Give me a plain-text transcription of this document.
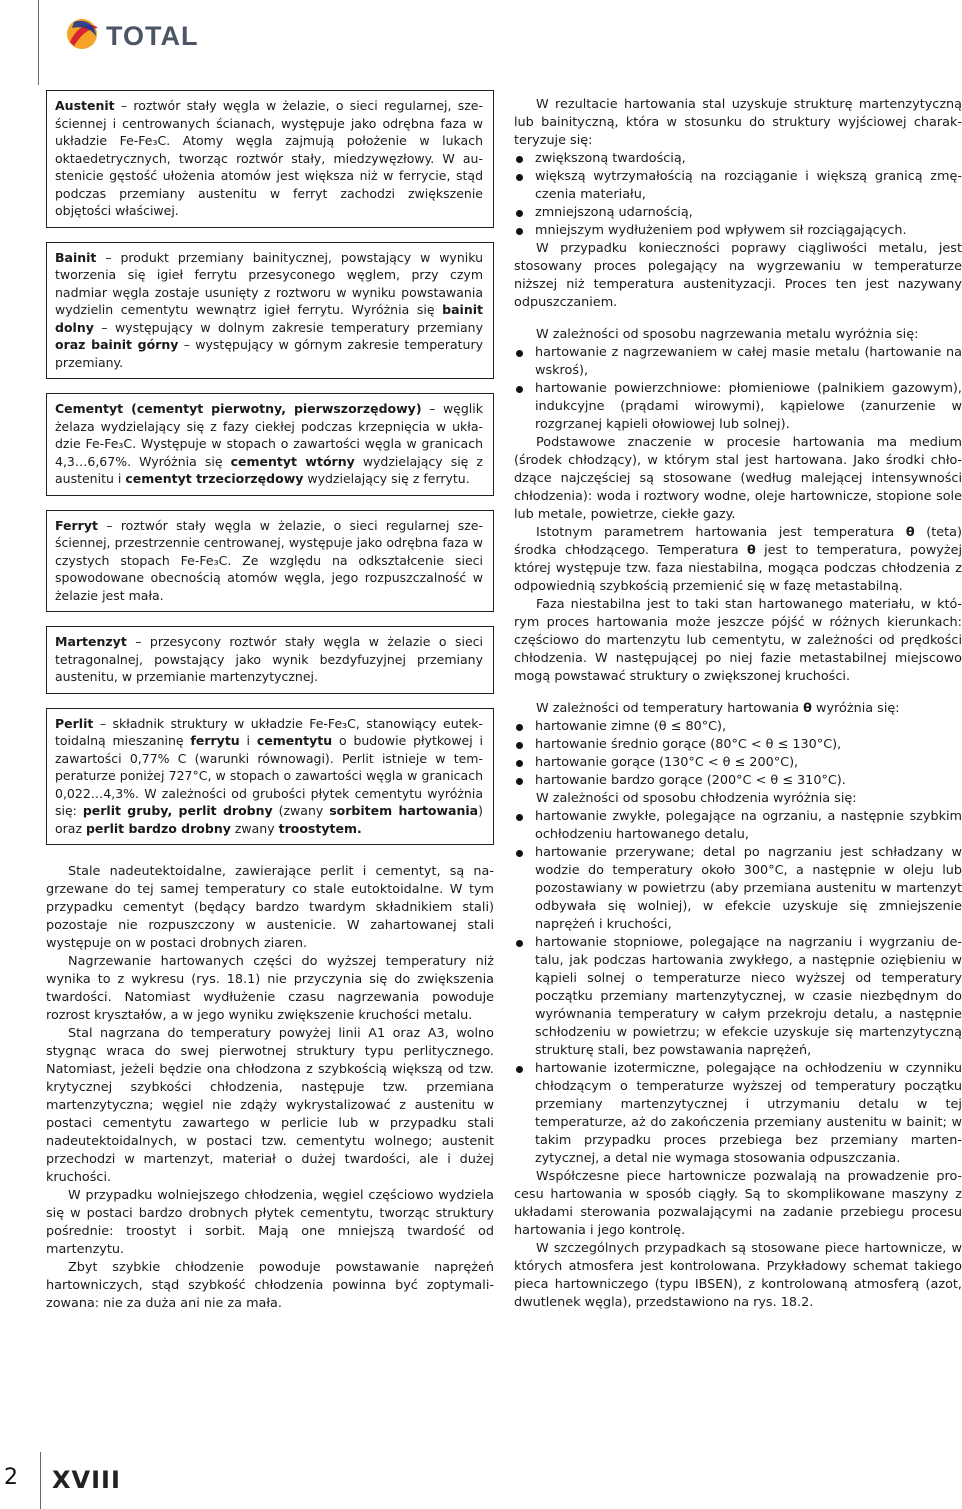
TOTAL
Austenit – roztwór stały węgla w żelazie, o sieci regularnej, sześciennej i centrowanych ścianach, występuje jako odrębna faza w układzie Fe-Fe₃C. Atomy węgla zajmują położenie w lukach oktaedetrycznych, tworząc roztwór stały, miedzywęzłowy. W austenicie gęstość ułożenia atomów jest większa niż w ferrycie, stąd podczas przemiany austenitu w ferryt zachodzi zwiększenie objętości właściwej.
Bainit – produkt przemiany bainitycznej, powstający w wyniku tworzenia się igieł ferrytu przesyconego węglem, przy czym nadmiar węgla zostaje usunięty z roztworu w wyniku powstawania wydzielin cementytu wewnątrz igieł ferrytu. Wyróżnia się bainit dolny – występujący w dolnym zakresie temperatury przemiany oraz bainit górny – występujący w górnym zakresie temperatury przemiany.
Cementyt (cementyt pierwotny, pierwszorzędowy) – węglik żelaza wydzielający się z fazy ciekłej podczas krzepnięcia w układzie Fe-Fe₃C. Występuje w stopach o zawartości węgla w granicach 4,3…6,67%. Wyróżnia się cementyt wtórny wydzielający się z austenitu i cementyt trzeciorzędowy wydzielający się z ferrytu.
Ferryt – roztwór stały węgla w żelazie, o sieci regularnej sześciennej, przestrzennie centrowanej, występuje jako odrębna faza w czystych stopach Fe-Fe₃C. Ze względu na odkształcenie sieci spowodowane obecnością atomów węgla, jego rozpuszczalność w żelazie jest mała.
Martenzyt – przesycony roztwór stały węgla w żelazie o sieci tetragonalnej, powstający jako wynik bezdyfuzyjnej przemiany austenitu, w przemianie martenzytycznej.
Perlit – składnik struktury w układzie Fe-Fe₃C, stanowiący eutektoidalną mieszaninę ferrytu i cementytu o budowie płytkowej i zawartości 0,77% C (warunki równowagi). Perlit istnieje w temperaturze poniżej 727°C, w stopach o zawartości węgla w granicach 0,022…4,3%. W zależności od grubości płytek cementytu wyróżnia się: perlit gruby, perlit drobny (zwany sorbitem hartowania) oraz perlit bardzo drobny zwany troostytem.

Stale nadeutektoidalne, zawierające perlit i cementyt, są nagrzewane do tej samej temperatury co stale eutoktoidalne. W tym przypadku cementyt (będący bardzo twardym składnikiem stali) pozostaje nie rozpuszczony w austenicie. W zahartowanej stali występuje on w postaci drobnych ziaren.

Nagrzewanie hartowanych części do wyższej temperatury niż wynika to z wykresu (rys. 18.1) nie przyczynia się do zwiększenia twardości. Natomiast wydłużenie czasu nagrzewania powoduje rozrost kryształów, a w jego wyniku zwiększenie kruchości metalu.

Stal nagrzana do temperatury powyżej linii A1 oraz A3, wolno stygnąc wraca do swej pierwotnej struktury typu perlitycznego. Natomiast, jeżeli będzie ona chłodzona z szybkością większą od tzw. krytycznej szybkości chłodzenia, następuje tzw. przemiana martenzytyczna; węgiel nie zdąży wykrystalizować z austenitu w postaci cementytu zawartego w perlicie lub w przypadku stali nadeutektoidalnych, w postaci tzw. cementytu wolnego; austenit przechodzi w martenzyt, materiał o dużej twardości, ale i dużej kruchości.

W przypadku wolniejszego chłodzenia, węgiel częściowo wydziela się w postaci bardzo drobnych płytek cementytu, tworząc struktury pośrednie: troostyt i sorbit. Mają one mniejszą twardość od martenzytu.

Zbyt szybkie chłodzenie powoduje powstawanie naprężeń hartowniczych, stąd szybkość chłodzenia powinna być zoptymalizowana: nie za duża ani nie za mała.

W rezultacie hartowania stal uzyskuje strukturę martenzytyczną lub bainityczną, która w stosunku do struktury wyjściowej charakteryzuje się:

zwiększoną twardością,
większą wytrzymałością na rozciąganie i większą granicą zmęczenia materiału,
zmniejszoną udarnością,
mniejszym wydłużeniem pod wpływem sił rozciągających.

W przypadku konieczności poprawy ciągliwości metalu, jest stosowany proces polegający na wygrzewaniu w temperaturze niższej niż temperatura austenityzacji. Proces ten jest nazywany odpuszczaniem.

W zależności od sposobu nagrzewania metalu wyróżnia się:

hartowanie z nagrzewaniem w całej masie metalu (hartowanie na wskroś),
hartowanie powierzchniowe: płomieniowe (palnikiem gazowym), indukcyjne (prądami wirowymi), kąpielowe (zanurzenie w rozgrzanej kąpieli ołowiowej lub solnej).

Podstawowe znaczenie w procesie hartowania ma medium (środek chłodzący), w którym stal jest hartowana. Jako środki chłodzące najczęściej są stosowane (według malejącej intensywności chłodzenia): woda i roztwory wodne, oleje hartownicze, stopione sole lub metale, powietrze, ciekłe gazy.

Istotnym parametrem hartowania jest temperatura θ (teta) środka chłodzącego. Temperatura θ jest to temperatura, powyżej której występuje tzw. faza niestabilna, mogąca podczas chłodzenia z odpowiednią szybkością przemienić się w fazę metastabilną.

Faza niestabilna jest to taki stan hartowanego materiału, w którym proces hartowania może jeszcze pójść w różnych kierunkach: częściowo do martenzytu lub cementytu, w zależności od prędkości chłodzenia. W następującej po niej fazie metastabilnej miejscowo mogą powstawać struktury o zwiększonej kruchości.

W zależności od temperatury hartowania θ wyróżnia się:

hartowanie zimne (θ ≤ 80°C),
hartowanie średnio gorące (80°C < θ ≤ 130°C),
hartowanie gorące (130°C < θ ≤ 200°C),
hartowanie bardzo gorące (200°C < θ ≤ 310°C).

W zależności od sposobu chłodzenia wyróżnia się:

hartowanie zwykłe, polegające na ogrzaniu, a następnie szybkim ochłodzeniu hartowanego detalu,
hartowanie przerywane; detal po nagrzaniu jest schładzany w wodzie do temperatury około 300°C, a następnie w oleju lub pozostawiany w powietrzu (aby przemiana austenitu w martenzyt odbywała się wolniej), w efekcie uzyskuje się zmniejszenie naprężeń i kruchości,
hartowanie stopniowe, polegające na nagrzaniu i wygrzaniu detalu, jak podczas hartowania zwykłego, a następnie oziębieniu w kąpieli solnej o temperaturze nieco wyższej od temperatury początku przemiany martenzytycznej, w czasie niezbędnym do wyrównania temperatury w całym przekroju detalu, a następnie schłodzeniu w powietrzu; w efekcie uzyskuje się martenzytyczną strukturę stali, bez powstawania naprężeń,
hartowanie izotermiczne, polegające na ochłodzeniu w czynniku chłodzącym o temperaturze wyższej od temperatury początku przemiany martenzytycznej i utrzymaniu detalu w tej temperaturze, aż do zakończenia przemiany austenitu w bainit; w takim przypadku proces przebiega bez przemiany martenzytycznej, a detal nie wymaga stosowania odpuszczania.

Współczesne piece hartownicze pozwalają na prowadzenie procesu hartowania w sposób ciągły. Są to skomplikowane maszyny z układami sterowania pozwalającymi na zadanie przebiegu procesu hartowania i jego kontrolę.

W szczególnych przypadkach są stosowane piece hartownicze, w których atmosfera jest kontrolowana. Przykładowy schemat takiego pieca hartowniczego (typu IBSEN), z kontrolowaną atmosferą (azot, dwutlenek węgla), przedstawiono na rys. 18.2.

2 XVIII
